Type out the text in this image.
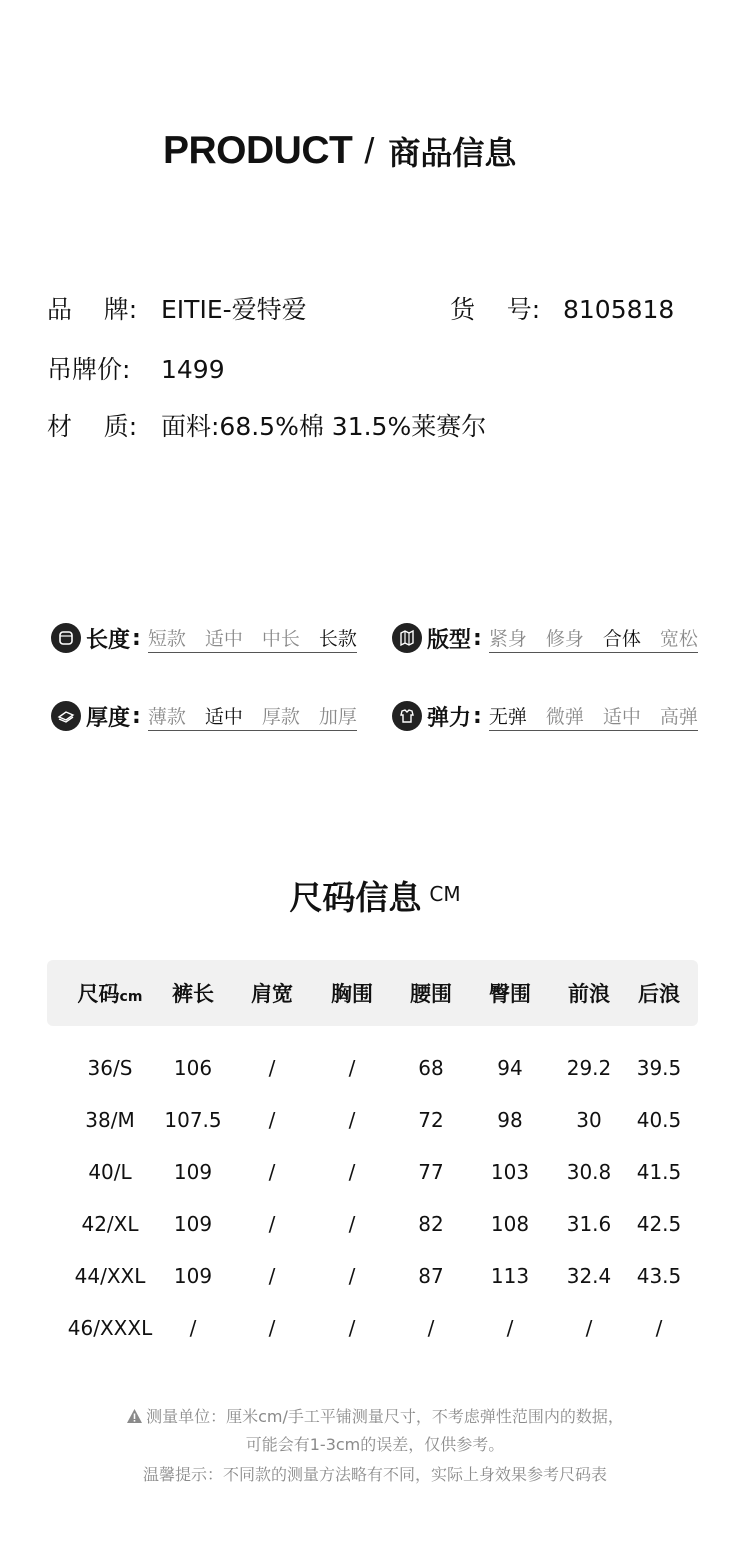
PRODUCT / 商品信息
品    牌: EITIE-爱特爱	货    号: 8105818
吊牌价: 1499
材    质: 面料:68.5%棉 31.5%莱赛尔
长度 : 短款 适中 中长 长款	版型 : 紧身 修身 合体 宽松
厚度 : 薄款 适中 厚款 加厚	弹力 : 无弹 微弹 适中 高弹
尺码信息 CM
尺码cm 裤长 肩宽 胸围 腰围 臀围 前浪 后浪
36/S 106	/	/	68	94 29.2 39.5
38/M 107.5 /	/	72	98	30 40.5
40/L 109	/	/	77 103 30.8 41.5
42/XL 109	/	/	82 108 31.6 42.5
44/XXL 109	/	/	87 113 32.4 43.5
46/XXXL /	/	/	/	/	/	/
测量单位：厘米cm/手工平铺测量尺寸，不考虑弹性范围内的数据，
可能会有1-3cm的误差，仅供参考。
温馨提示：不同款的测量方法略有不同，实际上身效果参考尺码表
